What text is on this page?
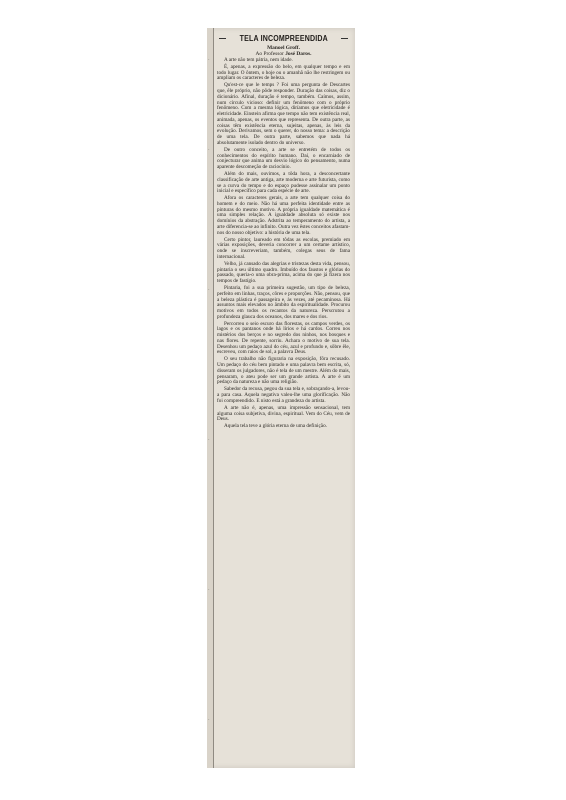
·
·
·
·
·
·
TELA INCOMPREENDIDA
Manoel Groff.
Ao Professor José Daros.

A arte não tem pátria, nem idade.

É, apenas, a expressão do belo, em qualquer tempo e em todo lugar. O ôntem, o hoje ou o amanhã não lhe restringem ou ampliam os caracteres de beleza.

Qu'est-ce que le temps ? Foi uma pergunta de Descartes que, êle próprio, não pôde responder. Duração das coisas, diz o dicionário. Afinal, duração é tempo, também. Caímos, assim, num círculo vicioso: definir um fenômeno com o próprio fenômeno. Com a mesma lógica, diríamos que eletricidade é eletricidade. Einstein afirma que tempo não tem existência real, animada, apenas, os eventos que representa. De outra parte, as coisas têm existência eterna, sujeitas, apenas, às leis da evolução. Derivamos, sem o querer, do nosso tema: a descrição de uma tela. De outra parte, sabemos que nada há absolutamente isolado dentro do universo.

De outro conceito, a arte se entretém de todos os conhecimentos do espírito humano. Daí, o encarniado de conjecturar que anima um desvio lógico do pensamento, numa aparente descomeção de raciocínio.

Além do mais, ouvimos, a tôda hora, a desconcertante classificação de arte antiga, arte moderna e arte futurista, como se a curva do tempo e do espaço pudesse assinalar um ponto inicial e específico para cada espécie de arte.

Afora os caracteres gerais, a arte tem qualquer coisa do homem e do meio. Não há uma perfeita identidade entre as pinturas do mesmo motivo. A própria igualdade matemática é uma simples relação. A igualdade absoluta só existe nos domínios da abstração. Adstrita ao temperamento do artista, a arte diferencia-se ao infinito. Outra vez êstes conceitos afastam-nos do nosso objetivo: a história de uma tela.

Certo pintor, laureado em tôdas as escolas, premiado em várias exposições, deveria concorrer a um certame artístico, onde se inscreveriam, também, colegas seus de fama internacional.

Velho, já cansado das alegrias e tristezas desta vida, pensou, pintaria o seu último quadro. Imbuído dos faustos e glórias do passado, queria-o uma obra-prima, acima do que já fizera nos tempos de fastígio.

Pintaria, foi a sua primeira sugestão, um tipo de beleza, perfeito em linhas, traços, côres e proporções. Não, pensou, que a beleza plástica é passageira e, às vezes, até pecaminosa. Há assuntos mais elevados no âmbito da espiritualidade. Procurou motivos em todos os recantos da natureza. Perscrutou a profundeza glauca dos oceanos, dos mares e dos rios.

Percorreu o seio escuro das florestas, os campos verdes, os lagos e os pantanos onde há lírios e há cardos. Correu nos mistérios dos berços e no segredo dos ninhos, nos bosques e nas flores. De repente, sorriu. Achara o motivo de sua tela. Desenhou um pedaço azul do céu, azul e profundo e, sôbre êle, escreveu, com raios de sol, a palavra Deus.

O seu trabalho não figuraria na exposição, fôra recusado. Um pedaço do céu bem pintado e uma palavra bem escrita, só, disseram os julgadores, não é tela de um mestre. Além do mais, pensaram, o ateu pode ser um grande artista. A arte é um pedaço da natureza e não uma religião.

Sabedor da recusa, pegou da sua tela e, sobraçando-a, levou-a para casa. Aquela negativa valeu-lhe uma glorificação. Não foi compreendido. E nisto está a grandeza do artista.

A arte não é, apenas, uma impressão sensacional, tem alguma coisa subjetiva, divina, espiritual. Vem do Céu, vem de Deus.

Aquela tela teve a glória eterna de uma definição.
